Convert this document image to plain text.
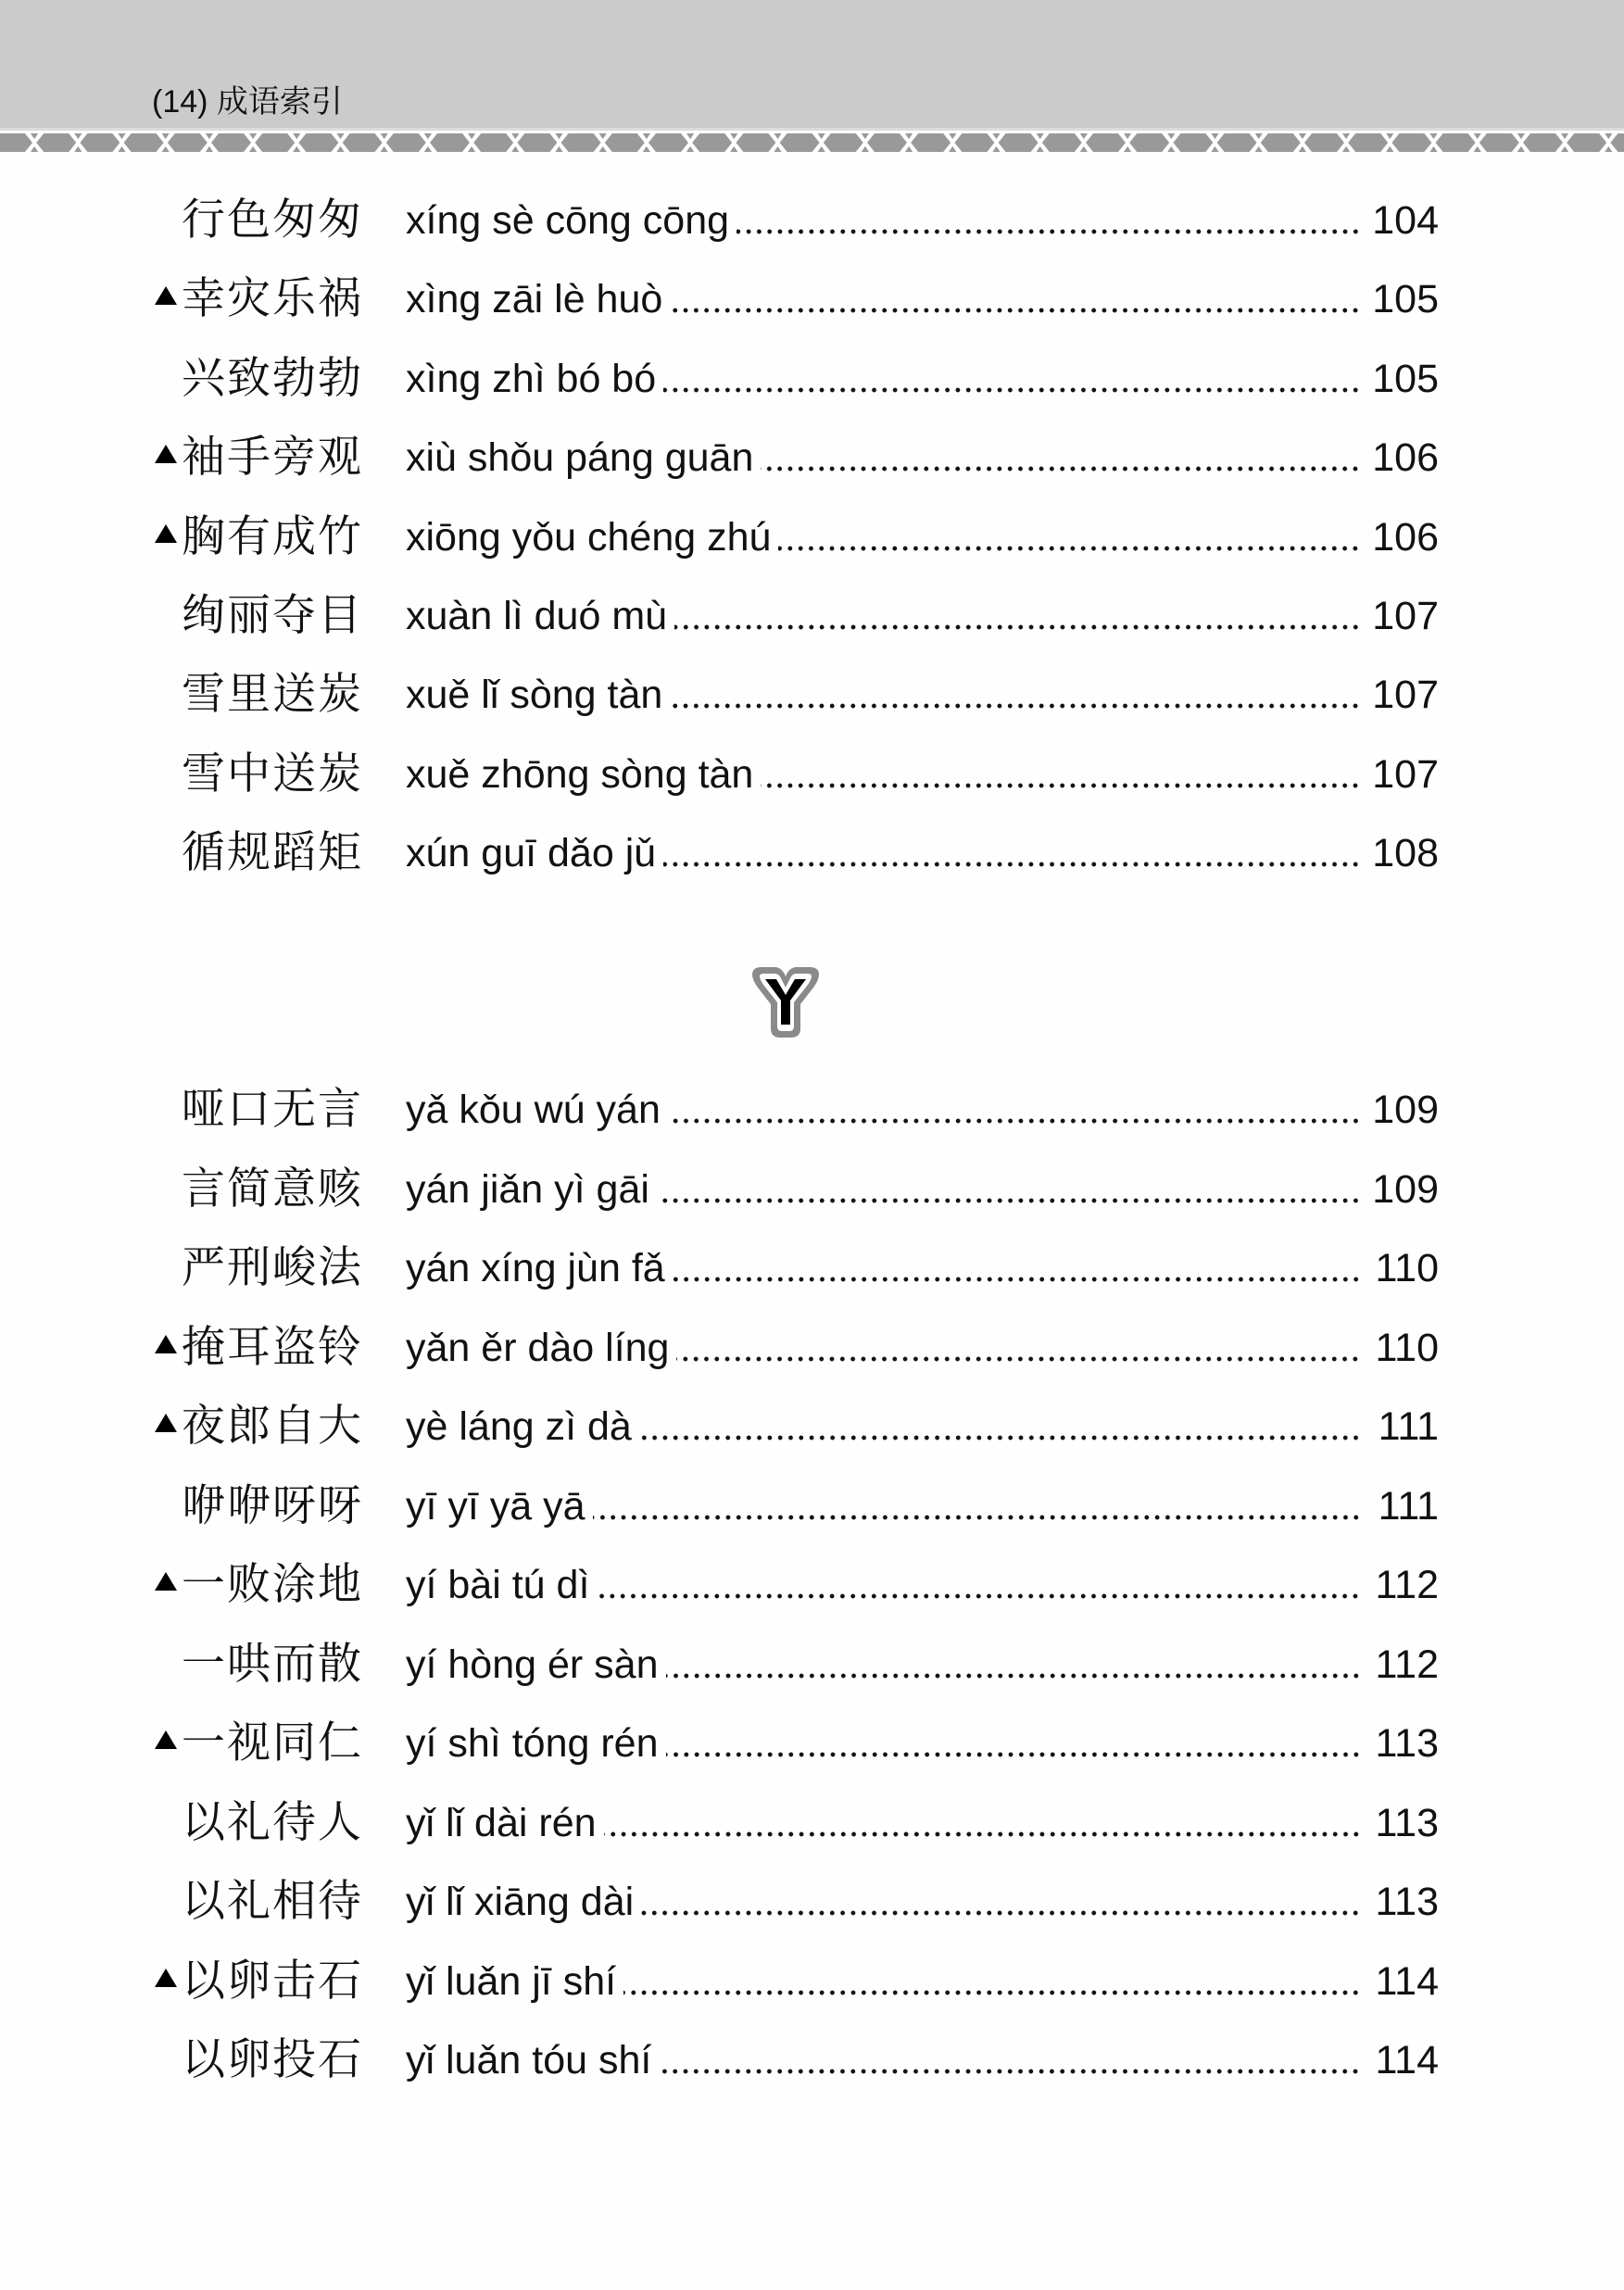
(14) 成语索引
行色匆匆 xíng sè cōng cōng	104
幸灾乐祸 xìng zāi lè huò	105
兴致勃勃 xìng zhì bó bó	105
袖手旁观 xiù shǒu páng guān	106
胸有成竹 xiōng yǒu chéng zhú	106
绚丽夺目 xuàn lì duó mù	107
雪里送炭 xuě lǐ sòng tàn	107
雪中送炭 xuě zhōng sòng tàn	107
循规蹈矩 xún guī dǎo jǔ	108
哑口无言 yǎ kǒu wú yán	109
言简意赅 yán jiǎn yì gāi	109
严刑峻法 yán xíng jùn fǎ	110
掩耳盗铃 yǎn ěr dào líng	110
夜郎自大 yè láng zì dà	111
咿咿呀呀 yī yī yā yā	111
一败涂地 yí bài tú dì	112
一哄而散 yí hòng ér sàn	112
一视同仁 yí shì tóng rén	113
以礼待人 yǐ lǐ dài rén	113
以礼相待 yǐ lǐ xiāng dài	113
以卵击石 yǐ luǎn jī shí	114
以卵投石 yǐ luǎn tóu shí	114
